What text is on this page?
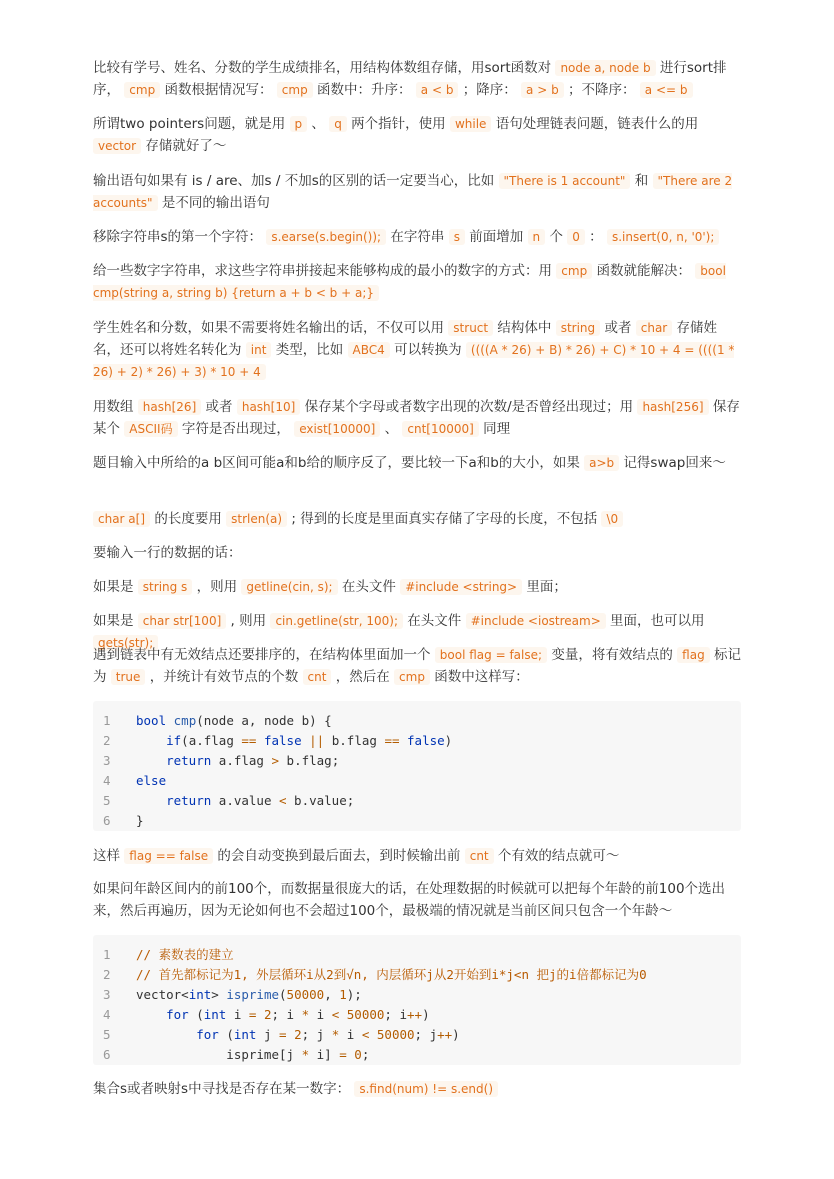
比较有学号、姓名、分数的学生成绩排名，用结构体数组存储，用sort函数对 node a, node b 进行sort排序， cmp 函数根据情况写： cmp 函数中：升序： a < b ；降序： a > b ；不降序： a <= b

所谓two pointers问题，就是用 p 、 q 两个指针，使用 while 语句处理链表问题，链表什么的用 vector 存储就好了～

输出语句如果有 is / are、加s / 不加s的区别的话一定要当心，比如 "There is 1 account" 和 "There are 2 accounts" 是不同的输出语句

移除字符串s的第一个字符： s.earse(s.begin()); 在字符串 s 前面增加 n 个 0 ： s.insert(0, n, '0');

给一些数字字符串，求这些字符串拼接起来能够构成的最小的数字的方式：用 cmp 函数就能解决： bool cmp(string a, string b) {return a + b < b + a;}

学生姓名和分数，如果不需要将姓名输出的话，不仅可以用 struct 结构体中 string 或者 char 存储姓名，还可以将姓名转化为 int 类型，比如 ABC4 可以转换为 ((((A * 26) + B) * 26) + C) * 10 + 4 = ((((1 * 26) + 2) * 26) + 3) * 10 + 4

用数组 hash[26] 或者 hash[10] 保存某个字母或者数字出现的次数/是否曾经出现过；用 hash[256] 保存某个 ASCII码 字符是否出现过， exist[10000] 、 cnt[10000] 同理

题目输入中所给的a b区间可能a和b给的顺序反了，要比较一下a和b的大小，如果 a>b 记得swap回来～

char a[] 的长度要用 strlen(a) ; 得到的长度是里面真实存储了字母的长度，不包括 \0

要输入一行的数据的话：

如果是 string s ，则用 getline(cin, s); 在头文件 #include <string> 里面；

如果是 char str[100] , 则用 cin.getline(str, 100); 在头文件 #include <iostream> 里面，也可以用 gets(str);

遇到链表中有无效结点还要排序的，在结构体里面加一个 bool flag = false; 变量，将有效结点的 flag 标记为 true ，并统计有效节点的个数 cnt ，然后在 cmp 函数中这样写：

1	bool cmp(node a, node b) {
2	if(a.flag == false || b.flag == false)
3	return a.flag > b.flag;
4	else
5	return a.value < b.value;
6	}

这样 flag == false 的会自动变换到最后面去，到时候输出前 cnt 个有效的结点就可～

如果问年龄区间内的前100个，而数据量很庞大的话，在处理数据的时候就可以把每个年龄的前100个选出来，然后再遍历，因为无论如何也不会超过100个，最极端的情况就是当前区间只包含一个年龄～

1	// 素数表的建立
2	// 首先都标记为1, 外层循环i从2到√n, 内层循环j从2开始到i*j<n 把j的i倍都标记为0
3	vector<int> isprime(50000, 1);
4	for (int i = 2; i * i < 50000; i++)
5	for (int j = 2; j * i < 50000; j++)
6	isprime[j * i] = 0;

集合s或者映射s中寻找是否存在某一数字： s.find(num) != s.end()
